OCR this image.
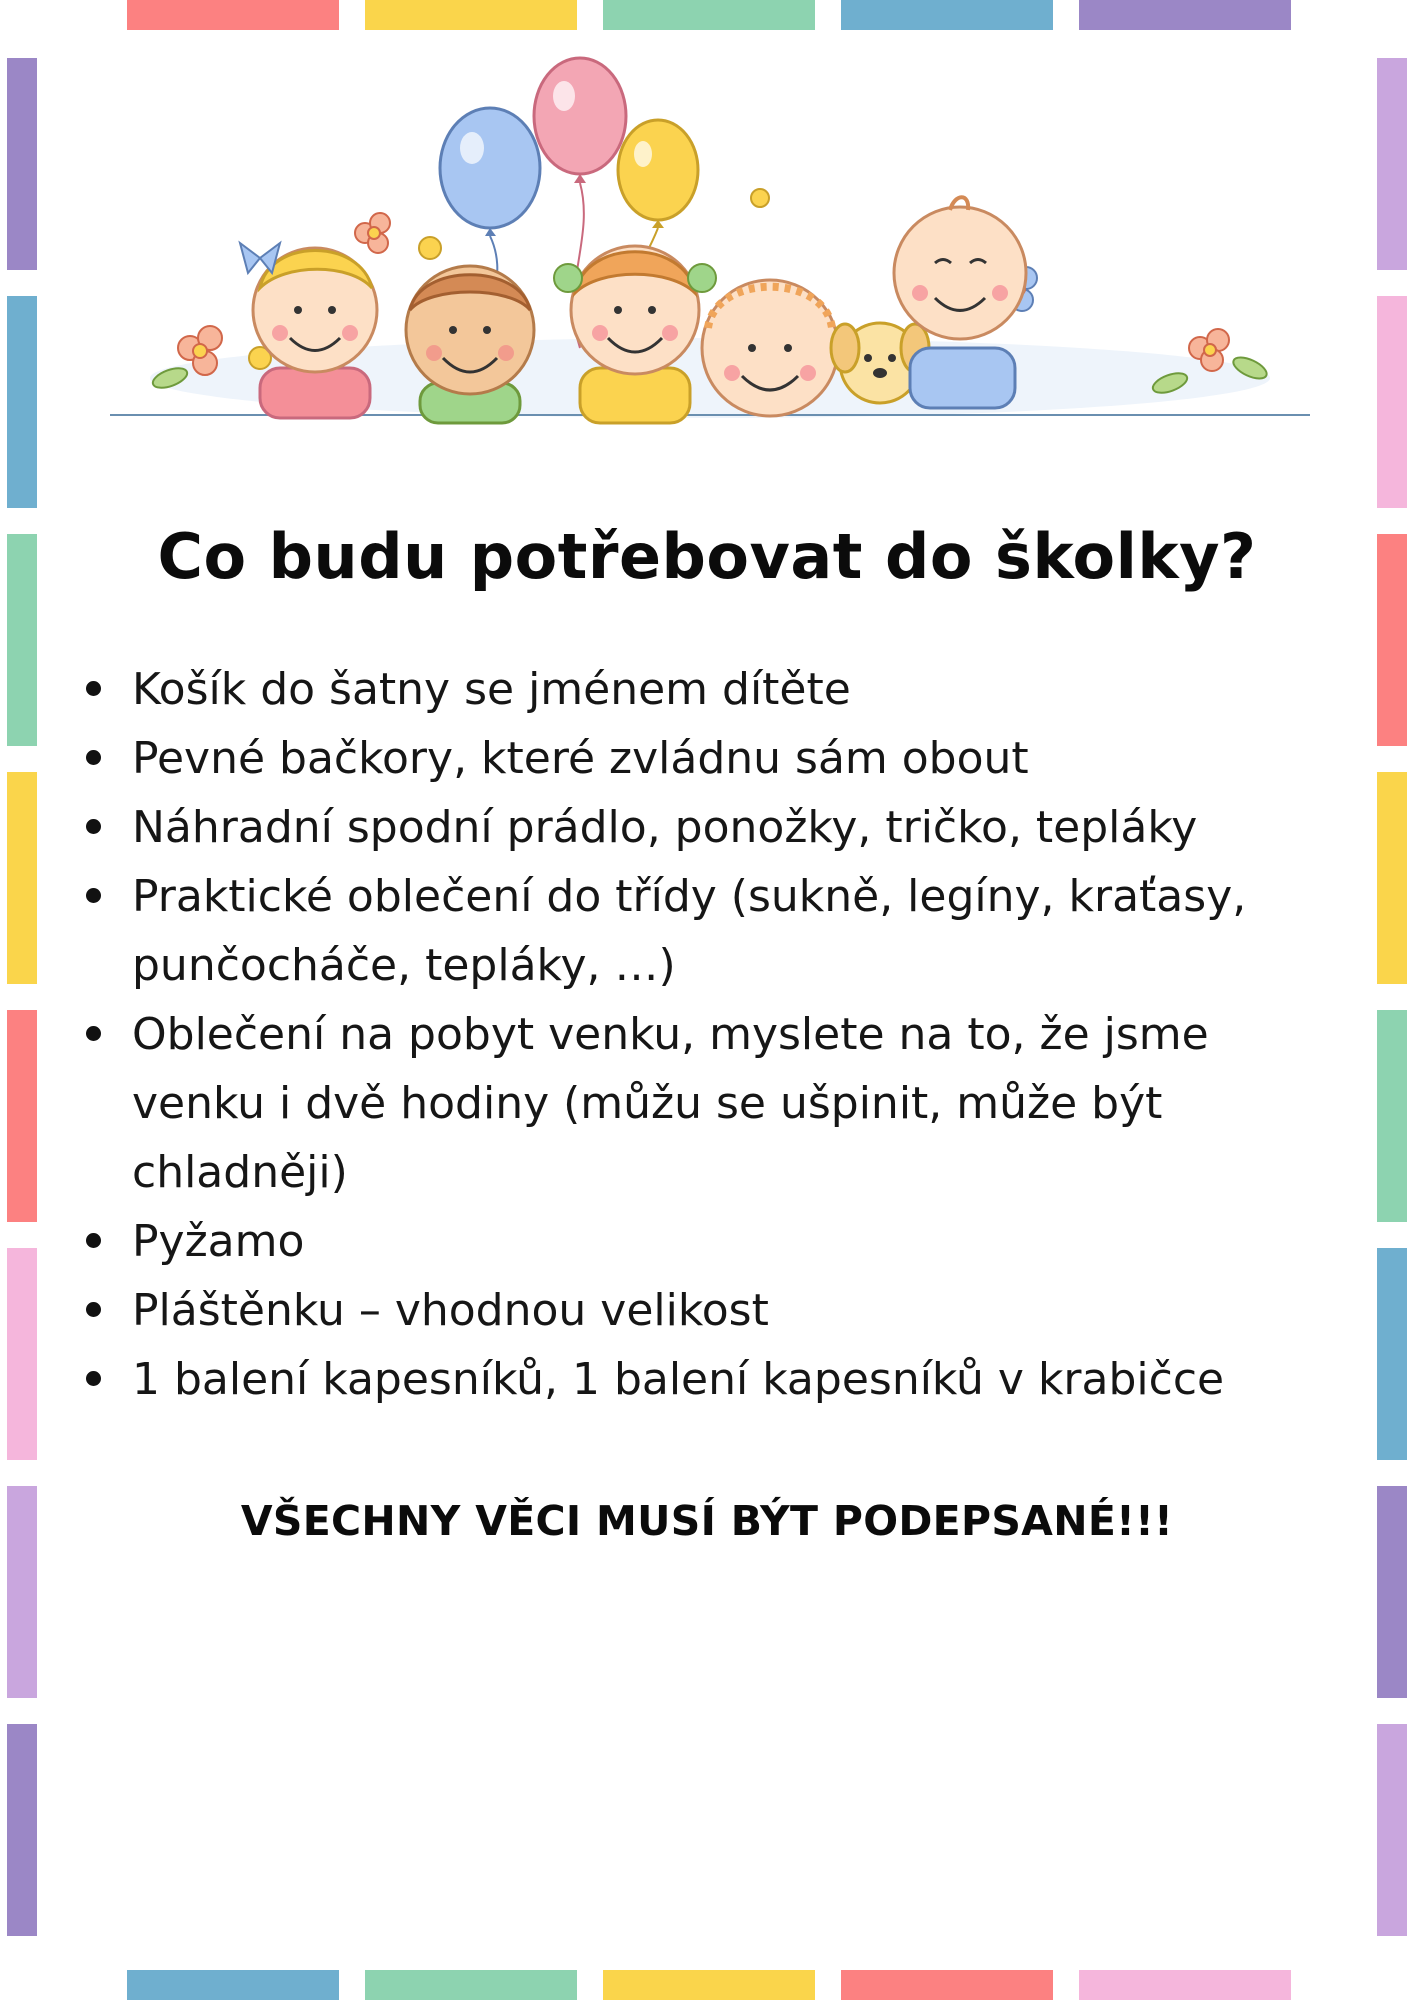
Co budu potřebovat do školky?
Košík do šatny se jménem dítěte
Pevné bačkory, které zvládnu sám obout
Náhradní spodní prádlo, ponožky, tričko, tepláky
Praktické oblečení do třídy (sukně, legíny, kraťasy, punčocháče, tepláky, …)
Oblečení na pobyt venku, myslete na to, že jsme venku i dvě hodiny (můžu se ušpinit, může být chladněji)
Pyžamo
Pláštěnku – vhodnou velikost
1 balení kapesníků, 1 balení kapesníků v krabičce
VŠECHNY VĚCI MUSÍ BÝT PODEPSANÉ!!!
